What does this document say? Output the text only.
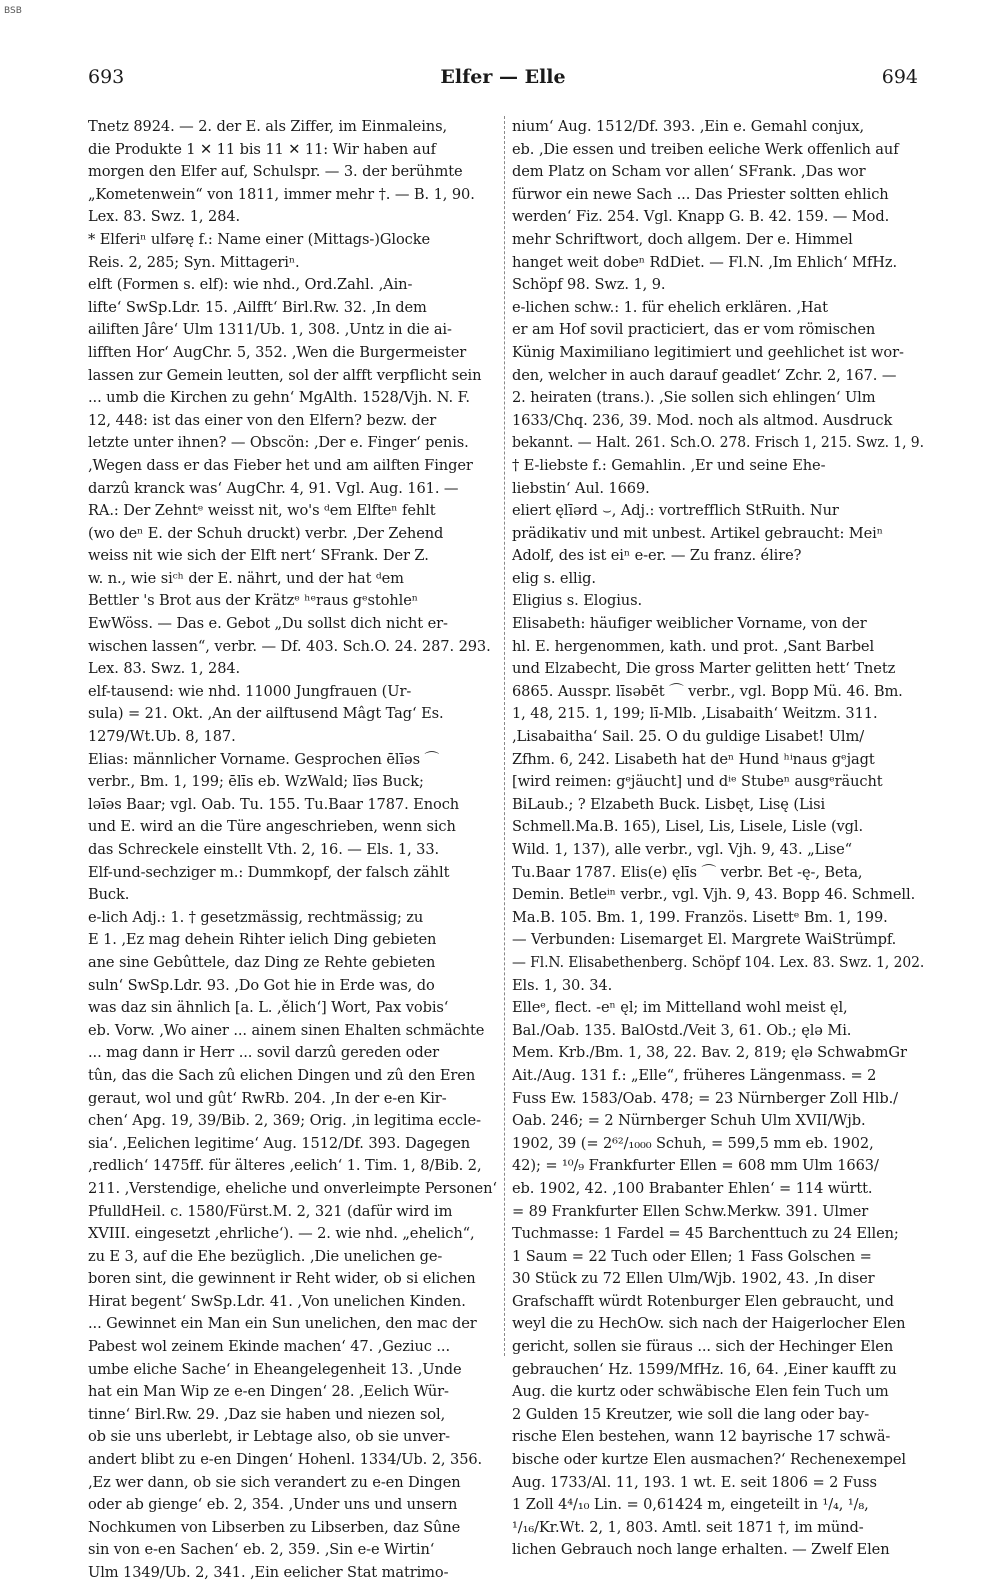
BSB
693	Elfer — Elle	694

Tnetz 8924. — 2. der E. als Ziffer, im Einmaleins,

die Produkte 1 ✕ 11 bis 11 ✕ 11: Wir haben auf

morgen den Elfer auf, Schulspr. — 3. der berühmte

„Kometenwein“ von 1811, immer mehr †. — B. 1, 90.

Lex. 83. Swz. 1, 284.

* Elferiⁿ ulfərę f.: Name einer (Mittags-)Glocke

Reis. 2, 285; Syn. Mittageriⁿ.

elft (Formen s. elf): wie nhd., Ord.Zahl. ‚Ain-

lifte‘ SwSp.Ldr. 15. ‚Ailfft‘ Birl.Rw. 32. ‚In dem

ailiften Jâre‘ Ulm 1311/Ub. 1, 308. ‚Untz in die ai-

lifften Hor‘ AugChr. 5, 352. ‚Wen die Burgermeister

lassen zur Gemein leutten, sol der alfft verpflicht sein

... umb die Kirchen zu gehn‘ MgAlth. 1528/Vjh. N. F.

12, 448: ist das einer von den Elfern? bezw. der

letzte unter ihnen? — Obscön: ‚Der e. Finger‘ penis.

‚Wegen dass er das Fieber het und am ailften Finger

darzû kranck was‘ AugChr. 4, 91. Vgl. Aug. 161. —

RA.: Der Zehntᵉ weisst nit, wo's ᵈem Elfteⁿ fehlt

(wo deⁿ E. der Schuh druckt) verbr. ‚Der Zehend

weiss nit wie sich der Elft nert‘ SFrank. Der Z.

w. n., wie siᶜʰ der E. nährt, und der hat ᵈem

Bettler 's Brot aus der Krätzᵉ ʰᵉraus gᵉstohleⁿ

EwWöss. — Das e. Gebot „Du sollst dich nicht er-

wischen lassen“, verbr. — Df. 403. Sch.O. 24. 287. 293.

Lex. 83. Swz. 1, 284.

elf-tausend: wie nhd. 11000 Jungfrauen (Ur-

sula) = 21. Okt. ‚An der ailftusend Mâgt Tag‘ Es.

1279/Wt.Ub. 8, 187.

Elias: männlicher Vorname. Gesprochen ēlīəs ⌒

verbr., Bm. 1, 199; ēlīs eb. WzWald; līəs Buck;

ləīəs Baar; vgl. Oab. Tu. 155. Tu.Baar 1787. Enoch

und E. wird an die Türe angeschrieben, wenn sich

das Schreckele einstellt Vth. 2, 16. — Els. 1, 33.

Elf-und-sechziger m.: Dummkopf, der falsch zählt

Buck.

e-lich Adj.: 1. † gesetzmässig, rechtmässig; zu

E 1. ‚Ez mag dehein Rihter ielich Ding gebieten

ane sine Gebûttele, daz Ding ze Rehte gebieten

suln‘ SwSp.Ldr. 93. ‚Do Got hie in Erde was, do

was daz sin ähnlich [a. L. ‚ělich‘] Wort, Pax vobis‘

eb. Vorw. ‚Wo ainer ... ainem sinen Ehalten schmächte

... mag dann ir Herr ... sovil darzû gereden oder

tûn, das die Sach zû elichen Dingen und zû den Eren

geraut, wol und gût‘ RwRb. 204. ‚In der e-en Kir-

chen‘ Apg. 19, 39/Bib. 2, 369; Orig. ‚in legitima eccle-

sia‘. ‚Eelichen legitime‘ Aug. 1512/Df. 393. Dagegen

‚redlich‘ 1475ff. für älteres ‚eelich‘ 1. Tim. 1, 8/Bib. 2,

211. ‚Verstendige, eheliche und onverleimpte Personen‘

PfulldHeil. c. 1580/Fürst.M. 2, 321 (dafür wird im

XVIII. eingesetzt ‚ehrliche‘). — 2. wie nhd. „ehelich“,

zu E 3, auf die Ehe bezüglich. ‚Die unelichen ge-

boren sint, die gewinnent ir Reht wider, ob si elichen

Hirat begent‘ SwSp.Ldr. 41. ‚Von unelichen Kinden.

... Gewinnet ein Man ein Sun unelichen, den mac der

Pabest wol zeinem Ekinde machen‘ 47. ‚Geziuc ...

umbe eliche Sache‘ in Eheangelegenheit 13. ‚Unde

hat ein Man Wip ze e-en Dingen‘ 28. ‚Eelich Wür-

tinne‘ Birl.Rw. 29. ‚Daz sie haben und niezen sol,

ob sie uns uberlebt, ir Lebtage also, ob sie unver-

andert blibt zu e-en Dingen‘ Hohenl. 1334/Ub. 2, 356.

‚Ez wer dann, ob sie sich verandert zu e-en Dingen

oder ab gienge‘ eb. 2, 354. ‚Under uns und unsern

Nochkumen von Libserben zu Libserben, daz Sûne

sin von e-en Sachen‘ eb. 2, 359. ‚Sin e-e Wirtin‘

Ulm 1349/Ub. 2, 341. ‚Ein eelicher Stat matrimo-

nium‘ Aug. 1512/Df. 393. ‚Ein e. Gemahl conjux,

eb. ‚Die essen und treiben eeliche Werk offenlich auf

dem Platz on Scham vor allen‘ SFrank. ‚Das wor

fürwor ein newe Sach ... Das Priester soltten ehlich

werden‘ Fiz. 254. Vgl. Knapp G. B. 42. 159. — Mod.

mehr Schriftwort, doch allgem. Der e. Himmel

hanget weit dobeⁿ RdDiet. — Fl.N. ‚Im Ehlich‘ MfHz.

Schöpf 98. Swz. 1, 9.

e-lichen schw.: 1. für ehelich erklären. ‚Hat

er am Hof sovil practiciert, das er vom römischen

Künig Maximiliano legitimiert und geehlichet ist wor-

den, welcher in auch darauf geadlet‘ Zchr. 2, 167. —

2. heiraten (trans.). ‚Sie sollen sich ehlingen‘ Ulm

1633/Chq. 236, 39. Mod. noch als altmod. Ausdruck

bekannt. — Halt. 261. Sch.O. 278. Frisch 1, 215. Swz. 1, 9.

† E-liebste f.: Gemahlin. ‚Er und seine Ehe-

liebstin‘ Aul. 1669.

eliert ęlīərd ⌣, Adj.: vortrefflich StRuith. Nur

prädikativ und mit unbest. Artikel gebraucht: Meiⁿ

Adolf, des ist eiⁿ e-er. — Zu franz. élire?

elig s. ellig.

Eligius s. Elogius.

Elisabeth: häufiger weiblicher Vorname, von der

hl. E. hergenommen, kath. und prot. ‚Sant Barbel

und Elzabecht, Die gross Marter gelitten hett‘ Tnetz

6865. Ausspr. līsəbēt ⌒ verbr., vgl. Bopp Mü. 46. Bm.

1, 48, 215. 1, 199; lī-Mlb. ‚Lisabaith‘ Weitzm. 311.

‚Lisabaitha‘ Sail. 25. O du guldige Lisabet! Ulm/

Zfhm. 6, 242. Lisabeth hat deⁿ Hund ʰⁱnaus gᵉjagt

[wird reimen: gᵉjäucht] und dⁱᵉ Stubeⁿ ausgᵉräucht

BiLaub.; ? Elzabeth Buck. Lisbęt, Lisę (Lisi

Schmell.Ma.B. 165), Lisel, Lis, Lisele, Lisle (vgl.

Wild. 1, 137), alle verbr., vgl. Vjh. 9, 43. „Lise“

Tu.Baar 1787. Elis(e) ęlīs ⌒ verbr. Bet -ę-, Beta,

Demin. Betleⁱⁿ verbr., vgl. Vjh. 9, 43. Bopp 46. Schmell.

Ma.B. 105. Bm. 1, 199. Französ. Lisettᵉ Bm. 1, 199.

— Verbunden: Lisemarget El. Margrete WaiStrümpf.

— Fl.N. Elisabethenberg. Schöpf 104. Lex. 83. Swz. 1, 202.

Els. 1, 30. 34.

Elleᵉ, flect. -eⁿ ęl; im Mittelland wohl meist ęl,

Bal./Oab. 135. BalOstd./Veit 3, 61. Ob.; ęlə Mi.

Mem. Krb./Bm. 1, 38, 22. Bav. 2, 819; ęlə SchwabmGr

Ait./Aug. 131 f.: „Elle“, früheres Längenmass. = 2

Fuss Ew. 1583/Oab. 478; = 23 Nürnberger Zoll Hlb./

Oab. 246; = 2 Nürnberger Schuh Ulm XVII/Wjb.

1902, 39 (= 2⁶²/₁₀₀₀ Schuh, = 599,5 mm eb. 1902,

42); = ¹⁰/₉ Frankfurter Ellen = 608 mm Ulm 1663/

eb. 1902, 42. ‚100 Brabanter Ehlen‘ = 114 württ.

= 89 Frankfurter Ellen Schw.Merkw. 391. Ulmer

Tuchmasse: 1 Fardel = 45 Barchenttuch zu 24 Ellen;

1 Saum = 22 Tuch oder Ellen; 1 Fass Golschen =

30 Stück zu 72 Ellen Ulm/Wjb. 1902, 43. ‚In diser

Grafschafft würdt Rotenburger Elen gebraucht, und

weyl die zu HechOw. sich nach der Haigerlocher Elen

gericht, sollen sie füraus ... sich der Hechinger Elen

gebrauchen‘ Hz. 1599/MfHz. 16, 64. ‚Einer kaufft zu

Aug. die kurtz oder schwäbische Elen fein Tuch um

2 Gulden 15 Kreutzer, wie soll die lang oder bay-

rische Elen bestehen, wann 12 bayrische 17 schwä-

bische oder kurtze Elen ausmachen?‘ Rechenexempel

Aug. 1733/Al. 11, 193. 1 wt. E. seit 1806 = 2 Fuss

1 Zoll 4⁴/₁₀ Lin. = 0,61424 m, eingeteilt in ¹/₄, ¹/₈,

¹/₁₆/Kr.Wt. 2, 1, 803. Amtl. seit 1871 †, im münd-

lichen Gebrauch noch lange erhalten. — Zwelf Elen
